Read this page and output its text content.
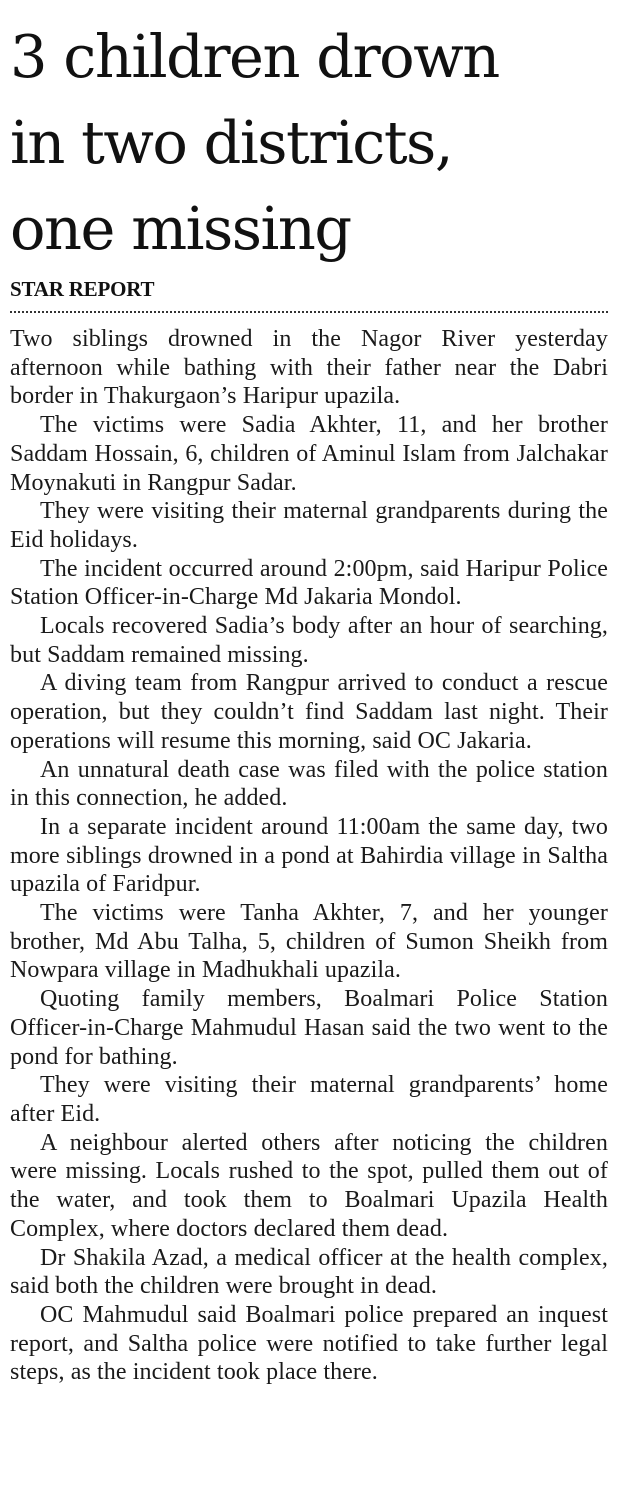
3 children drown
in two districts,
one missing
STAR REPORT

Two siblings drowned in the Nagor River yesterday afternoon while bathing with their father near the Dabri border in Thakurgaon’s Haripur upazila.

The victims were Sadia Akhter, 11, and her brother Saddam Hossain, 6, children of Aminul Islam from Jalchakar Moynakuti in Rangpur Sadar.

They were visiting their maternal grandparents during the Eid holidays.

The incident occurred around 2:00pm, said Haripur Police Station Officer-in-Charge Md Jakaria Mondol.

Locals recovered Sadia’s body after an hour of searching, but Saddam remained missing.

A diving team from Rangpur arrived to conduct a rescue operation, but they couldn’t find Saddam last night. Their operations will resume this morning, said OC Jakaria.

An unnatural death case was filed with the police station in this connection, he added.

In a separate incident around 11:00am the same day, two more siblings drowned in a pond at Bahirdia village in Saltha upazila of Faridpur.

The victims were Tanha Akhter, 7, and her younger brother, Md Abu Talha, 5, children of Sumon Sheikh from Nowpara village in Madhukhali upazila.

Quoting family members, Boalmari Police Station Officer-in-Charge Mahmudul Hasan said the two went to the pond for bathing.

They were visiting their maternal grandparents’ home after Eid.

A neighbour alerted others after noticing the children were missing. Locals rushed to the spot, pulled them out of the water, and took them to Boalmari Upazila Health Complex, where doctors declared them dead.

Dr Shakila Azad, a medical officer at the health complex, said both the children were brought in dead.

OC Mahmudul said Boalmari police prepared an inquest report, and Saltha police were notified to take further legal steps, as the incident took place there.
